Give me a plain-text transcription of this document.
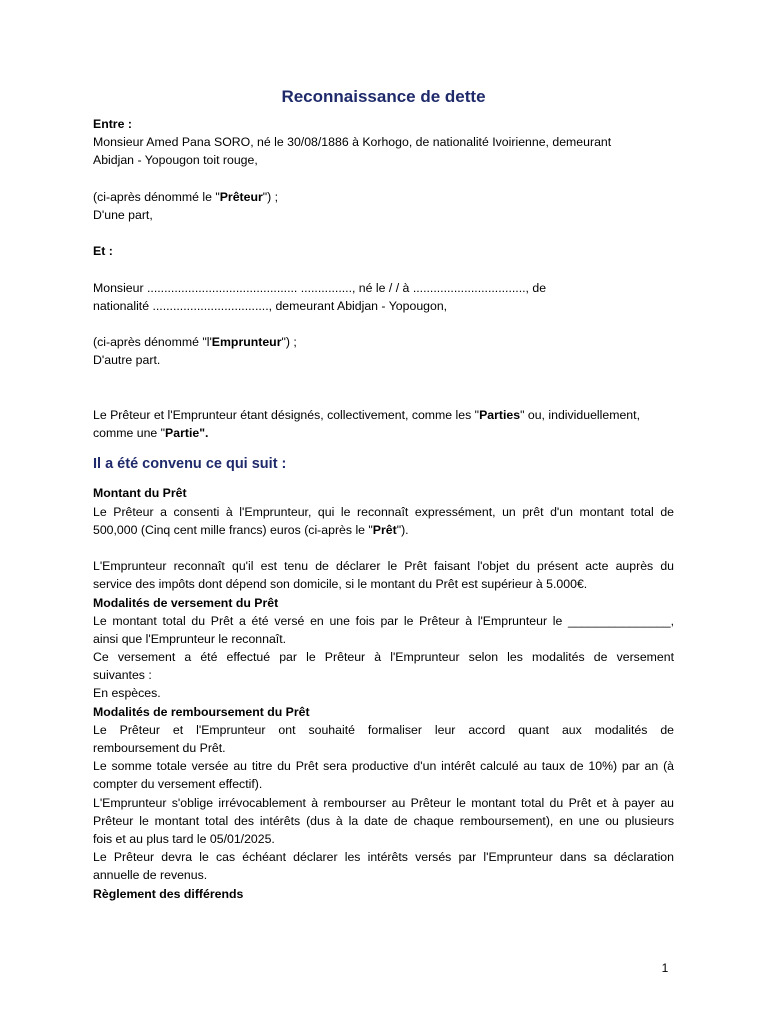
Reconnaissance de dette
Entre :
Monsieur Amed Pana SORO, né le 30/08/1886 à Korhogo, de nationalité Ivoirienne, demeurant
Abidjan - Yopougon toit rouge,
(ci-après dénommé le "Prêteur") ;
D'une part,
Et :
Monsieur ............................................ ..............., né le / / à ................................., de
nationalité .................................., demeurant Abidjan - Yopougon,
(ci-après dénommé "l'Emprunteur") ;
D'autre part.
Le Prêteur et l'Emprunteur étant désignés, collectivement, comme les "Parties" ou, individuellement,
comme une "Partie".
Il a été convenu ce qui suit :
Montant du Prêt
Le Prêteur a consenti à l'Emprunteur, qui le reconnaît expressément, un prêt d'un montant total de
500,000 (Cinq cent mille francs) euros (ci-après le "Prêt").
L'Emprunteur reconnaît qu'il est tenu de déclarer le Prêt faisant l'objet du présent acte auprès du
service des impôts dont dépend son domicile, si le montant du Prêt est supérieur à 5.000€.
Modalités de versement du Prêt
Le montant total du Prêt a été versé en une fois par le Prêteur à l'Emprunteur le _______________,
ainsi que l'Emprunteur le reconnaît.
Ce versement a été effectué par le Prêteur à l'Emprunteur selon les modalités de versement
suivantes :
En espèces.
Modalités de remboursement du Prêt
Le Prêteur et l'Emprunteur ont souhaité formaliser leur accord quant aux modalités de
remboursement du Prêt.
Le somme totale versée au titre du Prêt sera productive d'un intérêt calculé au taux de 10%) par an (à
compter du versement effectif).
L'Emprunteur s'oblige irrévocablement à rembourser au Prêteur le montant total du Prêt et à payer au
Prêteur le montant total des intérêts (dus à la date de chaque remboursement), en une ou plusieurs
fois et au plus tard le 05/01/2025.
Le Prêteur devra le cas échéant déclarer les intérêts versés par l'Emprunteur dans sa déclaration
annuelle de revenus.
Règlement des différends
1
